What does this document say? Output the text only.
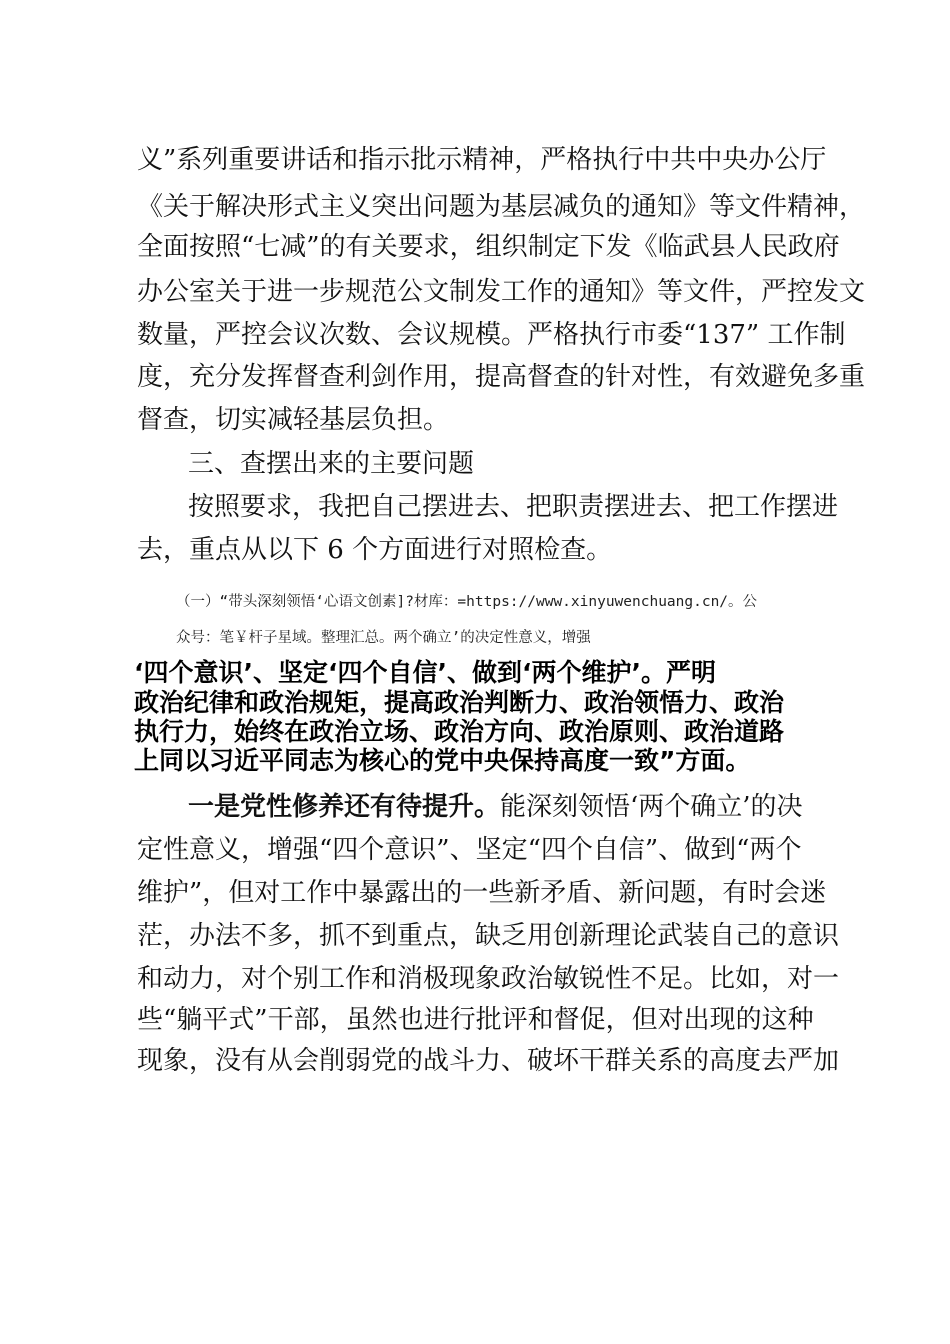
义”系列重要讲话和指示批示精神，严格执行中共中央办公厅
《关于解决形式主义突出问题为基层减负的通知》等文件精神，
全面按照“七减”的有关要求，组织制定下发《临武县人民政府
办公室关于进一步规范公文制发工作的通知》等文件，严控发文
数量，严控会议次数、会议规模。严格执行市委“137” 工作制
度，充分发挥督查利剑作用，提高督查的针对性，有效避免多重
督查，切实减轻基层负担。
三、查摆出来的主要问题
按照要求，我把自己摆进去、把职责摆进去、把工作摆进
去，重点从以下 6 个方面进行对照检查。
（一）“带头深刻领悟‘心语文创素]?材库：=https://www.xinyuwenchuang.cn/。公
众号：笔￥杆子星域。整理汇总。两个确立’的决定性意义，增强
‘四个意识’、坚定‘四个自信’、做到‘两个维护’。严明
政治纪律和政治规矩，提高政治判断力、政治领悟力、政治
执行力，始终在政治立场、政治方向、政治原则、政治道路
上同以习近平同志为核心的党中央保持高度一致”方面。
一是党性修养还有待提升。能深刻领悟‘两个确立’的决
定性意义，增强“四个意识”、坚定“四个自信”、做到“两个
维护”，但对工作中暴露出的一些新矛盾、新问题，有时会迷
茫，办法不多，抓不到重点，缺乏用创新理论武装自己的意识
和动力，对个别工作和消极现象政治敏锐性不足。比如，对一
些“躺平式”干部，虽然也进行批评和督促，但对出现的这种
现象，没有从会削弱党的战斗力、破坏干群关系的高度去严加
